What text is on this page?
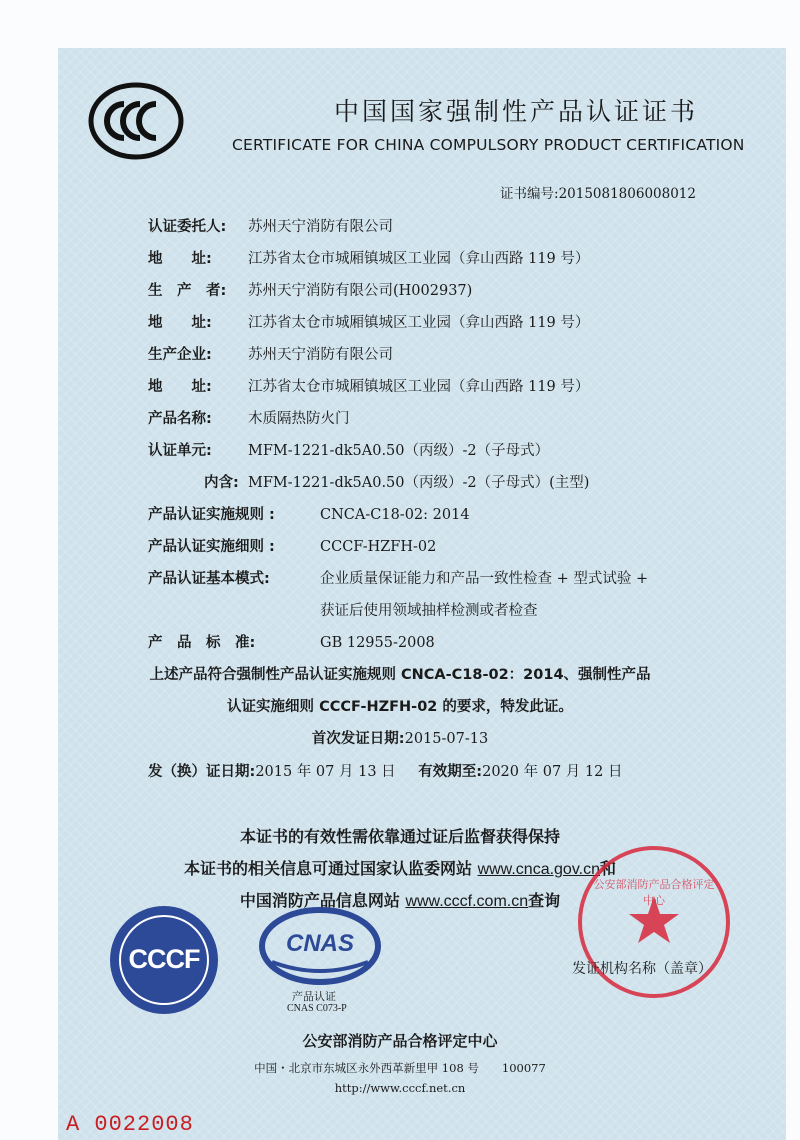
中国国家强制性产品认证证书
CERTIFICATE FOR CHINA COMPULSORY PRODUCT CERTIFICATION
证书编号:2015081806008012
认证委托人: 苏州天宁消防有限公司
地　　址: 江苏省太仓市城厢镇城区工业园（弇山西路 119 号）
生　产　者: 苏州天宁消防有限公司(H002937)
地　　址: 江苏省太仓市城厢镇城区工业园（弇山西路 119 号）
生产企业: 苏州天宁消防有限公司
地　　址: 江苏省太仓市城厢镇城区工业园（弇山西路 119 号）
产品名称: 木质隔热防火门
认证单元: MFM-1221-dk5A0.50（丙级）-2（子母式）
内含: MFM-1221-dk5A0.50（丙级）-2（子母式）(主型)
产品认证实施规则 :	CNCA-C18-02: 2014
产品认证实施细则 :	CCCF-HZFH-02
产品认证基本模式:	企业质量保证能力和产品一致性检查 + 型式试验 +
获证后使用领域抽样检测或者检查
产　品　标　准:	GB 12955-2008
上述产品符合强制性产品认证实施规则 CNCA-C18-02：2014、强制性产品
认证实施细则 CCCF-HZFH-02 的要求，特发此证。
首次发证日期:2015-07-13
发（换）证日期:2015 年 07 月 13 日 有效期至:2020 年 07 月 12 日
本证书的有效性需依靠通过证后监督获得保持
本证书的相关信息可通过国家认监委网站 www.cnca.gov.cn和
中国消防产品信息网站 www.cccf.com.cn查询
CCCF
CNAS
产品认证
CNAS C073-P
公安部消防产品合格评定中心
发证机构名称（盖章）
公安部消防产品合格评定中心
中国・北京市东城区永外西革新里甲 108 号　　100077
http://www.cccf.net.cn
A 0022008
